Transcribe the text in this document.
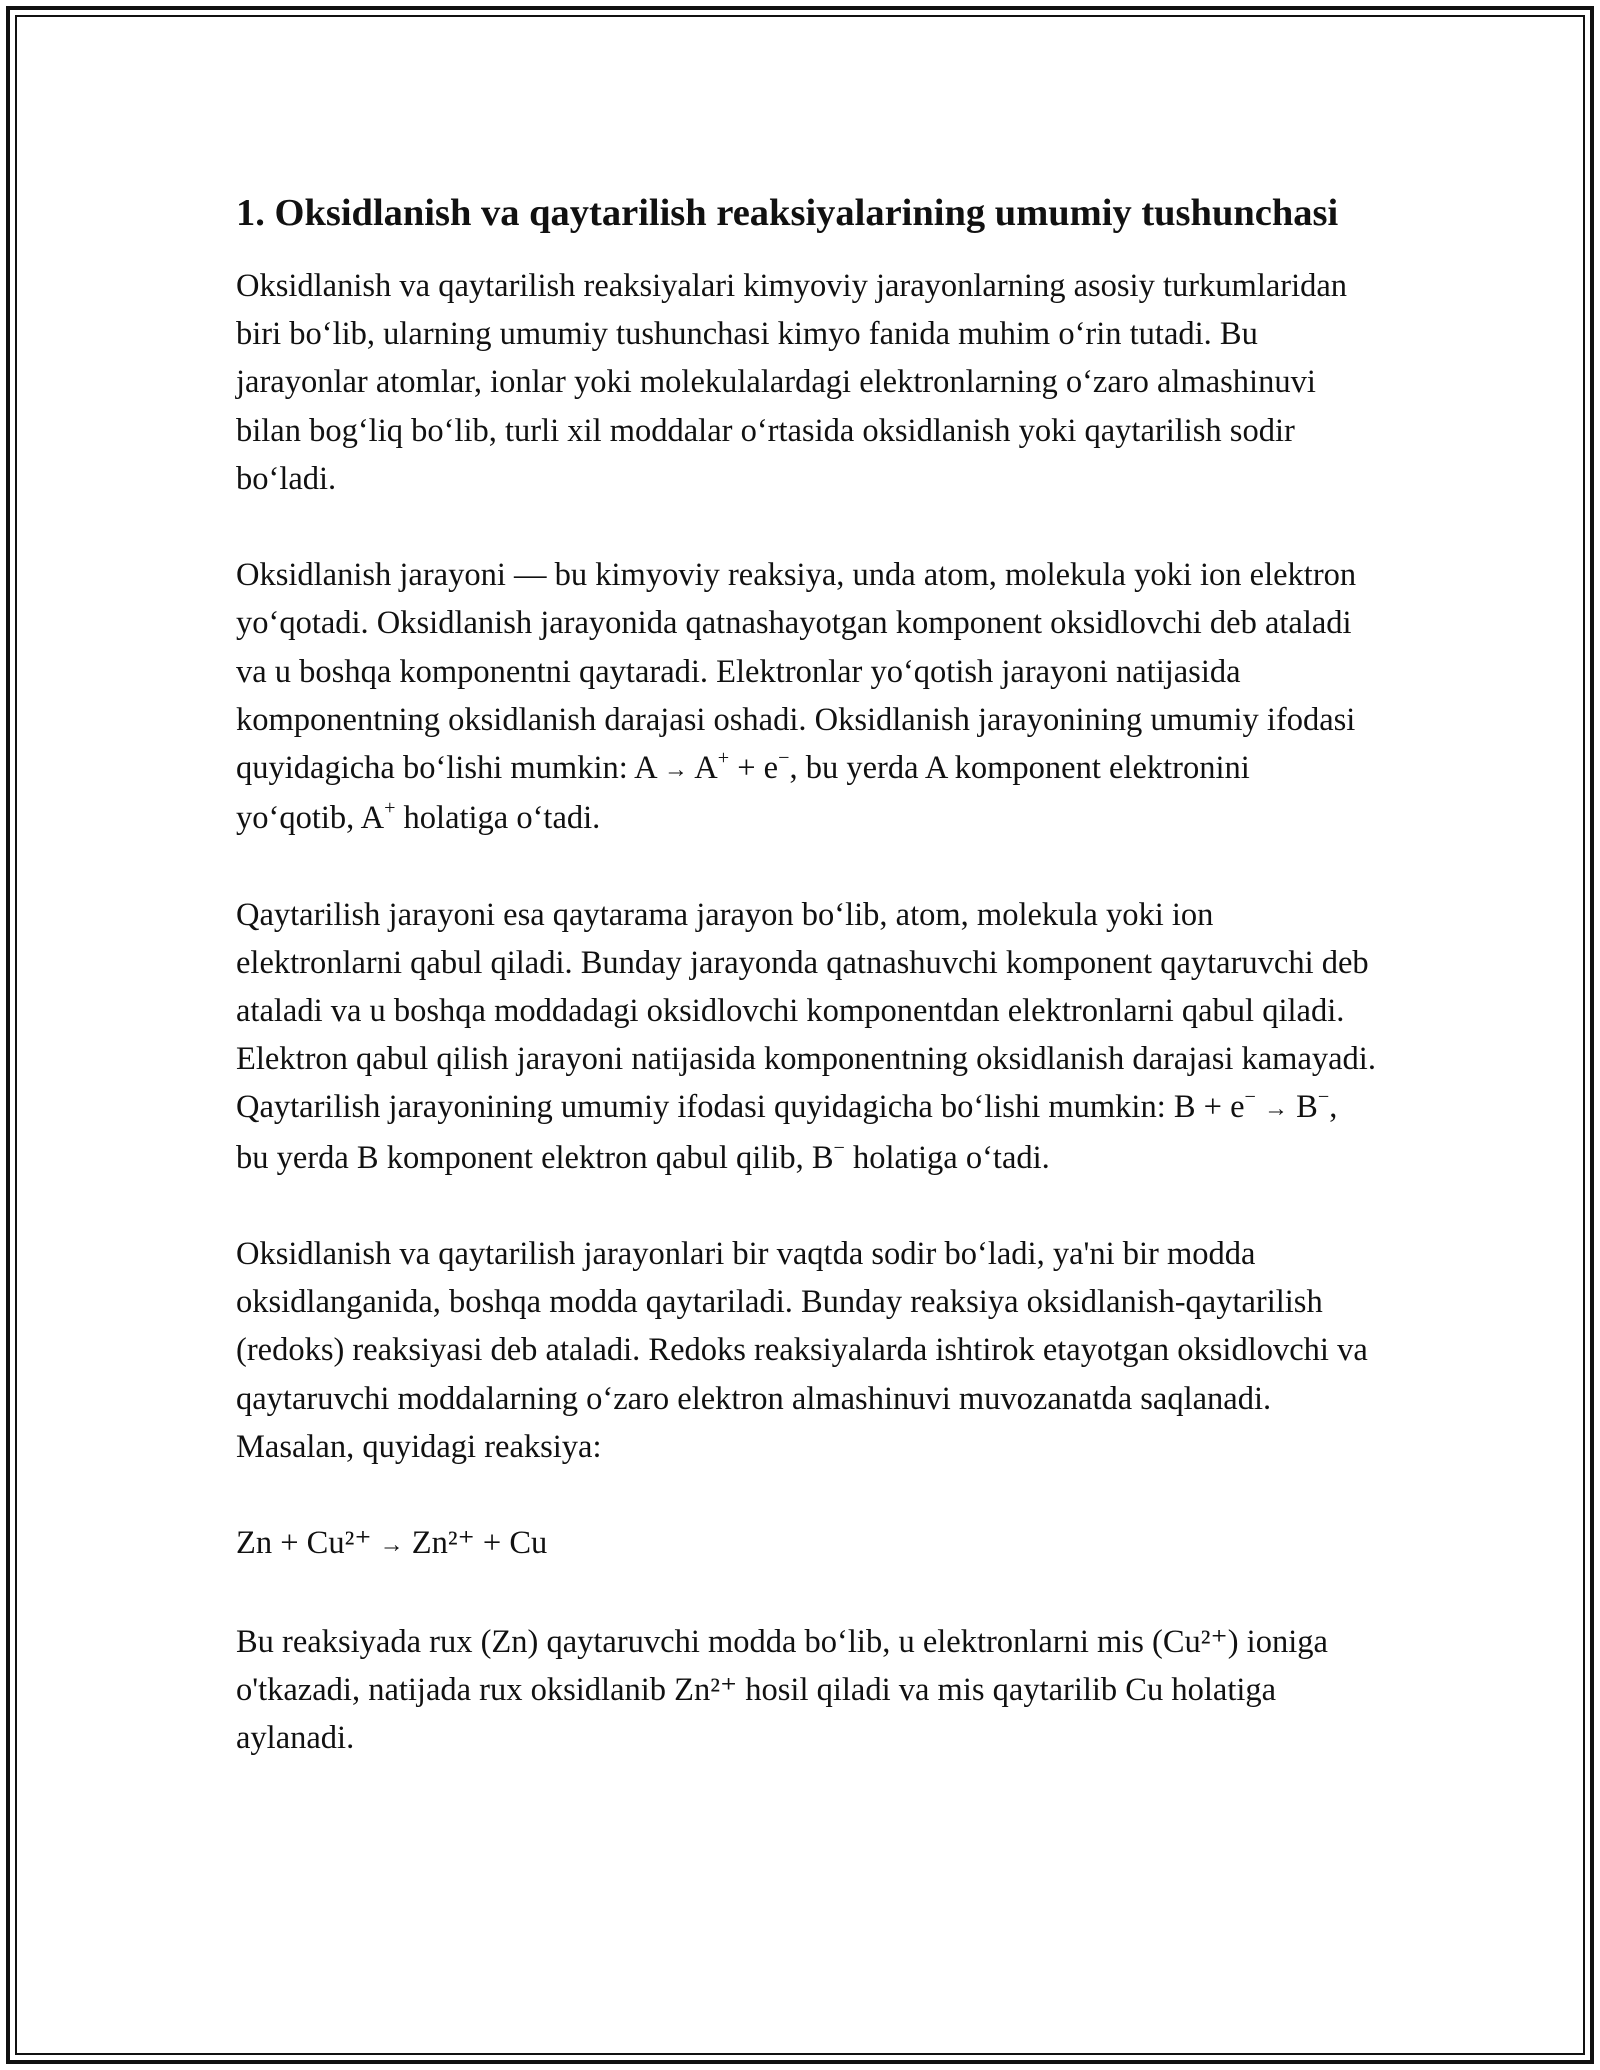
1. Oksidlanish va qaytarilish reaksiyalarining umumiy tushunchasi

Oksidlanish va qaytarilish reaksiyalari kimyoviy jarayonlarning asosiy turkumlaridan biri bo‘lib, ularning umumiy tushunchasi kimyo fanida muhim o‘rin tutadi. Bu jarayonlar atomlar, ionlar yoki molekulalardagi elektronlarning o‘zaro almashinuvi bilan bog‘liq bo‘lib, turli xil moddalar o‘rtasida oksidlanish yoki qaytarilish sodir bo‘ladi.

Oksidlanish jarayoni — bu kimyoviy reaksiya, unda atom, molekula yoki ion elektron yo‘qotadi. Oksidlanish jarayonida qatnashayotgan komponent oksidlovchi deb ataladi va u boshqa komponentni qaytaradi. Elektronlar yo‘qotish jarayoni natijasida komponentning oksidlanish darajasi oshadi. Oksidlanish jarayonining umumiy ifodasi quyidagicha bo‘lishi mumkin: A → A+ + e−, bu yerda A komponent elektronini yo‘qotib, A+ holatiga o‘tadi.

Qaytarilish jarayoni esa qaytarama jarayon bo‘lib, atom, molekula yoki ion elektronlarni qabul qiladi. Bunday jarayonda qatnashuvchi komponent qaytaruvchi deb ataladi va u boshqa moddadagi oksidlovchi komponentdan elektronlarni qabul qiladi. Elektron qabul qilish jarayoni natijasida komponentning oksidlanish darajasi kamayadi. Qaytarilish jarayonining umumiy ifodasi quyidagicha bo‘lishi mumkin: B + e− → B−, bu yerda B komponent elektron qabul qilib, B− holatiga o‘tadi.

Oksidlanish va qaytarilish jarayonlari bir vaqtda sodir bo‘ladi, ya'ni bir modda oksidlanganida, boshqa modda qaytariladi. Bunday reaksiya oksidlanish-qaytarilish (redoks) reaksiyasi deb ataladi. Redoks reaksiyalarda ishtirok etayotgan oksidlovchi va qaytaruvchi moddalarning o‘zaro elektron almashinuvi muvozanatda saqlanadi. Masalan, quyidagi reaksiya:

Zn + Cu²⁺ → Zn²⁺ + Cu

Bu reaksiyada rux (Zn) qaytaruvchi modda bo‘lib, u elektronlarni mis (Cu²⁺) ioniga o'tkazadi, natijada rux oksidlanib Zn²⁺ hosil qiladi va mis qaytarilib Cu holatiga aylanadi.
